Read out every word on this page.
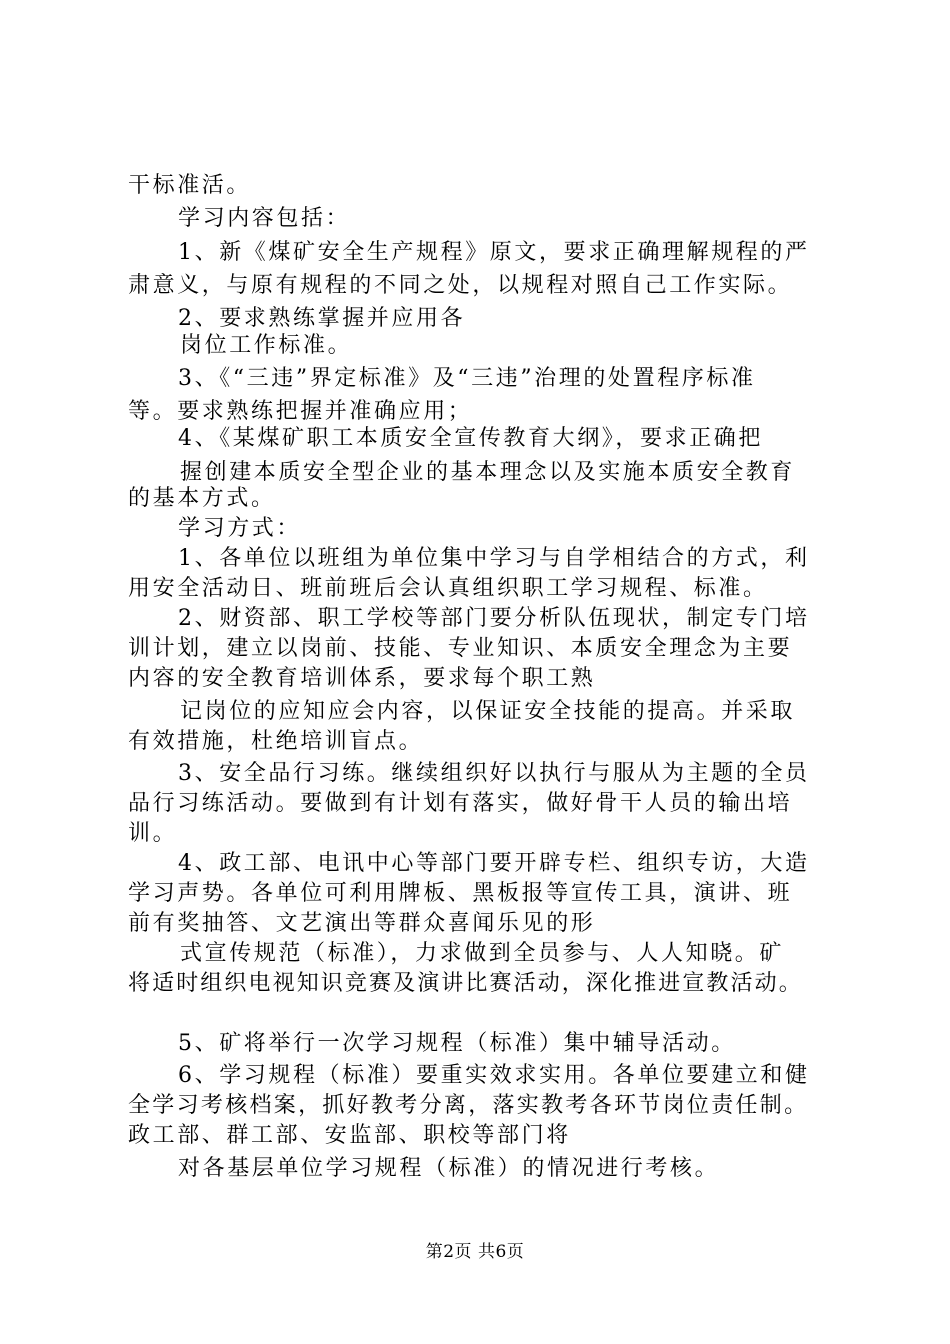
干标准活。
学习内容包括：
1、新《煤矿安全生产规程》原文，要求正确理解规程的严
肃意义，与原有规程的不同之处，以规程对照自己工作实际。
2、要求熟练掌握并应用各
岗位工作标准。
3、《“三违”界定标准》及“三违”治理的处置程序标准
等。要求熟练把握并准确应用；
4、《某煤矿职工本质安全宣传教育大纲》，要求正确把
握创建本质安全型企业的基本理念以及实施本质安全教育
的基本方式。
学习方式：
1、各单位以班组为单位集中学习与自学相结合的方式，利
用安全活动日、班前班后会认真组织职工学习规程、标准。
2、财资部、职工学校等部门要分析队伍现状，制定专门培
训计划，建立以岗前、技能、专业知识、本质安全理念为主要
内容的安全教育培训体系，要求每个职工熟
记岗位的应知应会内容，以保证安全技能的提高。并采取
有效措施，杜绝培训盲点。
3、安全品行习练。继续组织好以执行与服从为主题的全员
品行习练活动。要做到有计划有落实，做好骨干人员的输出培
训。
4、政工部、电讯中心等部门要开辟专栏、组织专访，大造
学习声势。各单位可利用牌板、黑板报等宣传工具，演讲、班
前有奖抽答、文艺演出等群众喜闻乐见的形
式宣传规范（标准），力求做到全员参与、人人知晓。矿
将适时组织电视知识竞赛及演讲比赛活动，深化推进宣教活动。
5、矿将举行一次学习规程（标准）集中辅导活动。
6、学习规程（标准）要重实效求实用。各单位要建立和健
全学习考核档案，抓好教考分离，落实教考各环节岗位责任制。
政工部、群工部、安监部、职校等部门将
对各基层单位学习规程（标准）的情况进行考核。
第2页 共6页
